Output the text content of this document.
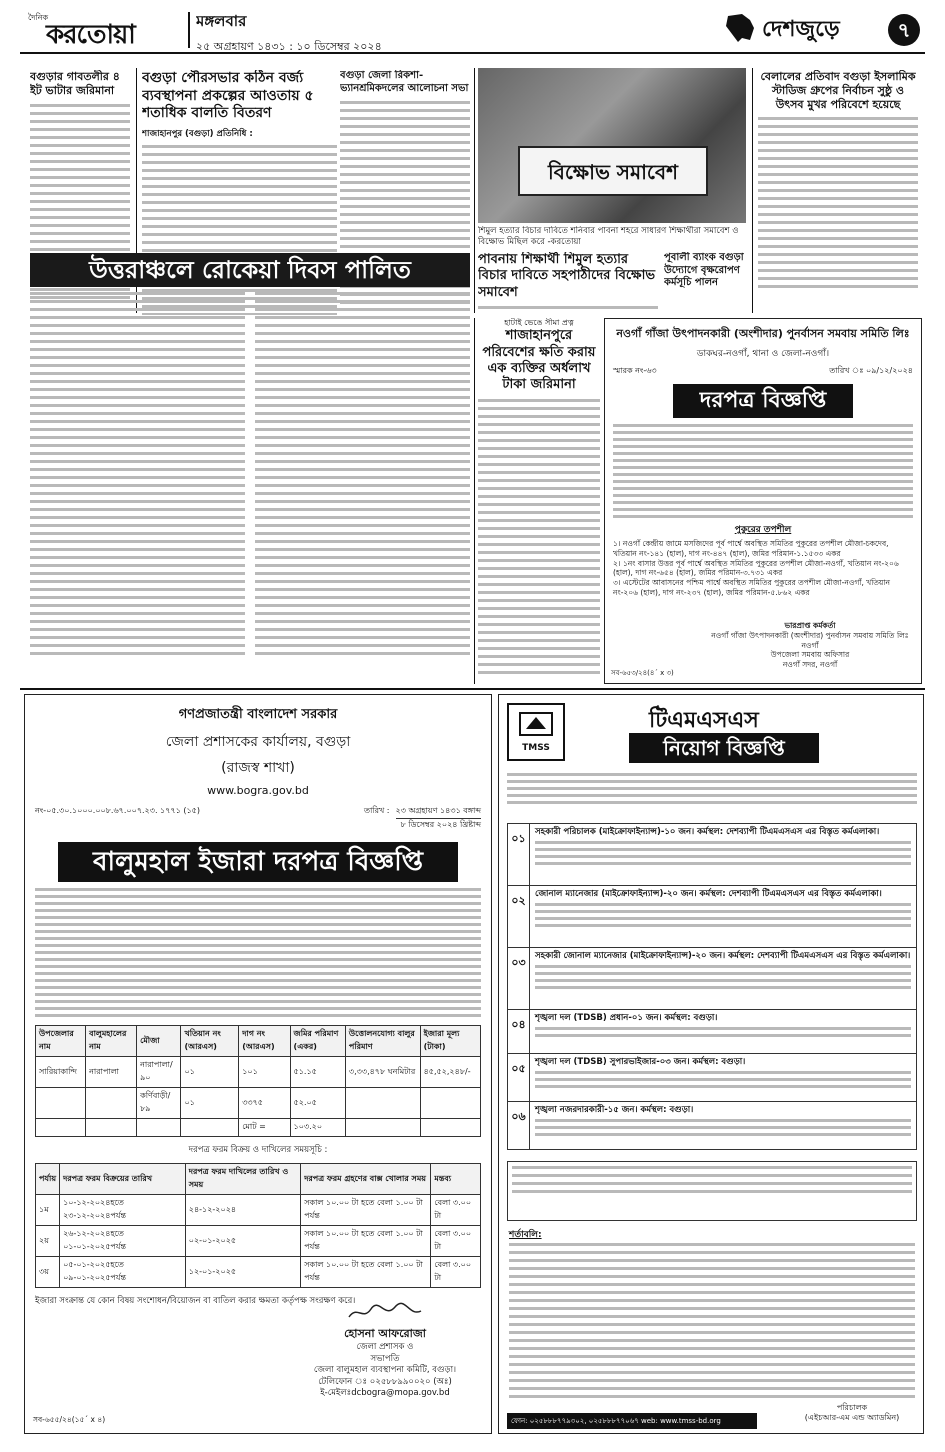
দৈনিক
করতোয়া	মঙ্গলবার
২৫ অগ্রহায়ণ ১৪৩১ : ১০ ডিসেম্বর ২০২৪
দেশজুড়ে	৭
বগুড়ার গাবতলীর ৪ ইট ভাটার জরিমানা
বগুড়া পৌরসভার কঠিন বর্জ্য ব্যবস্থাপনা প্রকল্পের আওতায় ৫ শতাধিক বালতি বিতরণ
শাজাহানপুর (বগুড়া) প্রতিনিধি :
বগুড়া জেলা রিকশা-ভ্যানশ্রমিকদলের আলোচনা সভা
বিক্ষোভ সমাবেশ
শিমুল হত্যার বিচার দাবিতে শনিবার পাবনা শহরে সাধারণ শিক্ষার্থীরা সমাবেশ ও বিক্ষোভ মিছিল করে -করতোয়া
পাবনায় শিক্ষার্থী শিমুল হত্যার বিচার দাবিতে সহপাঠীদের বিক্ষোভ সমাবেশ
পূবালী ব্যাংক বগুড়া উদ্যোগে বৃক্ষরোপণ কর্মসূচি পালন
বেলালের প্রতিবাদ বগুড়া ইসলামিক স্টাডিজ গ্রুপের নির্বাচন সুষ্ঠু ও উৎসব মুখর পরিবেশে হয়েছে
উত্তরাঞ্চলে রোকেয়া দিবস পালিত
হাটাই ভেঙে সীমা প্রত্ন
শাজাহানপুরে পরিবেশের ক্ষতি করায় এক ব্যক্তির অর্ধলাখ টাকা জরিমানা
নওগাঁ গাঁজা উৎপাদনকারী (অংশীদার) পুনর্বাসন সমবায় সমিতি লিঃ
ডাকঘর-নওগাঁ, থানা ও জেলা-নওগাঁ।
স্মারক নং-৬৩	তারিখ ঃ ০৯/১২/২০২৪
দরপত্র বিজ্ঞপ্তি
পুকুরের তপশীল
১। নওগাঁ কেন্দ্রীয় জামে মসজিদের পূর্ব পার্শ্বে অবস্থিত সমিতির পুকুরের তপশীল মৌজা-চকদেব, খতিয়ান নং-১৪১ (হাল), দাগ নং-৪৪৭ (হাল), জমির পরিমান-১.১৫৩৩ একর
২। ১নং বাসার উত্তর পূর্ব পার্শ্বে অবস্থিত সমিতির পুকুরের তপশীল মৌজা-নওগাঁ, খতিয়ান নং-২০৬ (হাল), দাগ নং-৬৫৪ (হাল), জমির পরিমান-৩.৭৩১ একর
৩। এস্টেটের আবাসনের পশ্চিম পার্শ্বে অবস্থিত সমিতির পুকুরের তপশীল মৌজা-নওগাঁ, খতিয়ান নং-২০৬ (হাল), দাগ নং-২৩৭ (হাল), জমির পরিমান-৫.৮৬২ একর
ভারপ্রাপ্ত কর্মকর্তা
নওগাঁ গাঁজা উৎপাদনকারী (অংশীদার) পুনর্বাসন সমবায় সমিতি লিঃ
নওগাঁ
উপজেলা সমবায় অফিসার
নওগাঁ সদর, নওগাঁ
সব-৬৫৩/২৪(৪´ x ৩)
গণপ্রজাতন্ত্রী বাংলাদেশ সরকার
জেলা প্রশাসকের কার্যালয়, বগুড়া
(রাজস্ব শাখা)
www.bogra.gov.bd
নং-০৫.৩০.১০০০.০০৮.৬৭.০০৭.২৩. ১৭৭১ (১৫)	তারিখ : ২৩ অগ্রহায়ণ ১৪৩১ বঙ্গাব্দ
৮ ডিসেম্বর ২০২৪ খ্রিষ্টাব্দ
বালুমহাল ইজারা দরপত্র বিজ্ঞপ্তি
উপজেলার নাম	বালুমহালের নাম	মৌজা	খতিয়ান নং (আরএস)	দাগ নং (আরএস)	জমির পরিমাণ (একর)	উত্তোলনযোগ্য বালুর পরিমাণ	ইজারা মূল্য (টাকা)
সারিয়াকান্দি	নারাপালা	নারাপালা/৯০	০১	১০১	৫১.১৫	৩,৩৩,৪৭৮ ঘনমিটার	৪৫,৫২,২৪৮/-
		কর্ণিবাড়ী/৮৯	০১	৩৩৭৫	৫২.০৫		
				মোট =	১০৩.২০		
দরপত্র ফরম বিক্রয় ও দাখিলের সময়সূচি :
পর্যায়	দরপত্র ফরম বিক্রয়ের তারিখ	দরপত্র ফরম দাখিলের তারিখ ও সময়	দরপত্র ফরম গ্রহণের বাক্স খোলার সময়	মন্তব্য
১ম	১০-১২-২০২৪হতে ২৩-১২-২০২৪পর্যন্ত	২৪-১২-২০২৪	সকাল ১০.০০ টা হতে বেলা ১.০০ টা পর্যন্ত	বেলা ৩.০০ টা
২য়	২৬-১২-২০২৪হতে ০১-০১-২০২৫পর্যন্ত	০২-০১-২০২৫	সকাল ১০.০০ টা হতে বেলা ১.০০ টা পর্যন্ত	বেলা ৩.০০ টা
৩য়	০৫-০১-২০২৫হতে ০৯-০১-২০২৫পর্যন্ত	১২-০১-২০২৫	সকাল ১০.০০ টা হতে বেলা ১.০০ টা পর্যন্ত	বেলা ৩.০০ টা
ইজারা সংক্রান্ত যে কোন বিষয় সংশোধন/বিয়োজন বা বাতিল করার ক্ষমতা কর্তৃপক্ষ সংরক্ষণ করে।
হোসনা আফরোজা
জেলা প্রশাসক ও
সভাপতি
জেলা বালুমহাল ব্যবস্থাপনা কমিটি, বগুড়া।
টেলিফোন ঃ ০২৫৮৮৯৯০০২০ (অঃ)
ই-মেইলঃdcbogra@mopa.gov.bd
সব-৬৫৫/২৪(১৫´ x ৪)
TMSS
টিএমএসএস
নিয়োগ বিজ্ঞপ্তি
০১	সহকারী পরিচালক (মাইক্রোফাইন্যান্স)-১০ জন। কর্মস্থল: দেশব্যাপী টিএমএসএস এর বিস্তৃত কর্মএলাকা।
০২	জোনাল ম্যানেজার (মাইক্রোফাইন্যান্স)-২০ জন। কর্মস্থল: দেশব্যাপী টিএমএসএস এর বিস্তৃত কর্মএলাকা।
০৩	সহকারী জোনাল ম্যানেজার (মাইক্রোফাইন্যান্স)-২০ জন। কর্মস্থল: দেশব্যাপী টিএমএসএস এর বিস্তৃত কর্মএলাকা।
০৪	শৃঙ্খলা দল (TDSB) প্রধান-০১ জন। কর্মস্থল: বগুড়া।
০৫	শৃঙ্খলা দল (TDSB) সুপারভাইজার-০৩ জন। কর্মস্থল: বগুড়া।
০৬	শৃঙ্খলা নজরদারকারী-১৫ জন। কর্মস্থল: বগুড়া।
শর্তাবলি:
ফোন: ০২৫৮৮৮৭৭৯৩০২, ০২৫৮৮৮৭৭০৬৭ web: www.tmss-bd.org
পরিচালক
(এইচআর-এম এন্ড অ্যাডমিন)
